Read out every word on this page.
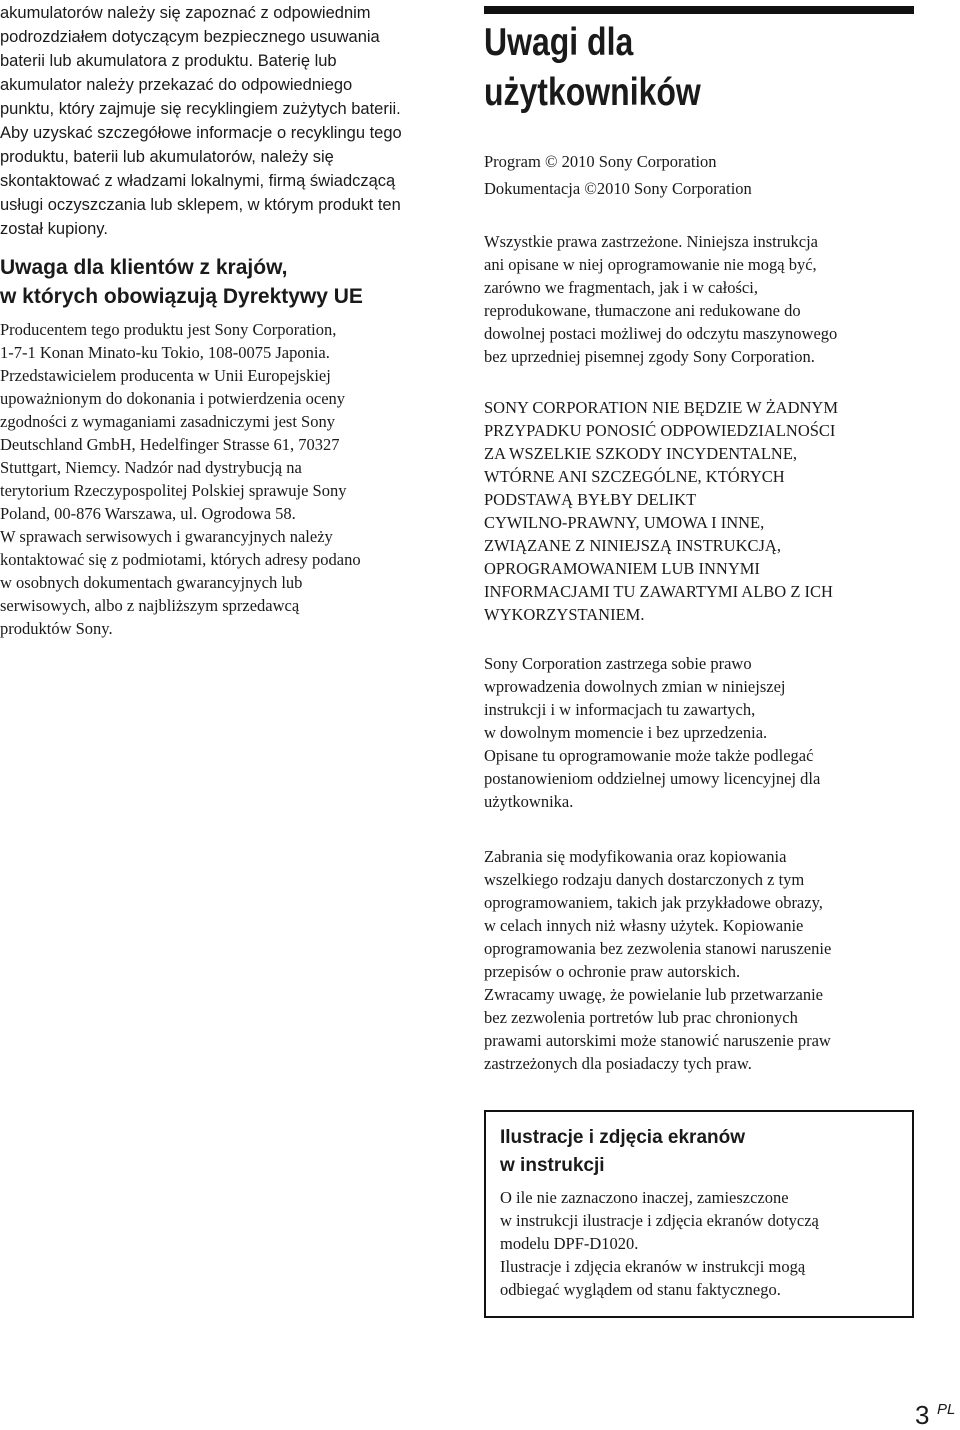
akumulatorów należy się zapoznać z odpowiednim

podrozdziałem dotyczącym bezpiecznego usuwania

baterii lub akumulatora z produktu. Baterię lub

akumulator należy przekazać do odpowiedniego

punktu, który zajmuje się recyklingiem zużytych baterii.

Aby uzyskać szczegółowe informacje o recyklingu tego

produktu, baterii lub akumulatorów, należy się

skontaktować z władzami lokalnymi, firmą świadczącą

usługi oczyszczania lub sklepem, w którym produkt ten

został kupiony.

Uwaga dla klientów z krajów,
w których obowiązują Dyrektywy UE

Producentem tego produktu jest Sony Corporation,

1-7-1 Konan Minato-ku Tokio, 108-0075 Japonia.

Przedstawicielem producenta w Unii Europejskiej

upoważnionym do dokonania i potwierdzenia oceny

zgodności z wymaganiami zasadniczymi jest Sony

Deutschland GmbH, Hedelfinger Strasse 61, 70327

Stuttgart, Niemcy. Nadzór nad dystrybucją na

terytorium Rzeczypospolitej Polskiej sprawuje Sony

Poland, 00-876 Warszawa, ul. Ogrodowa 58.

W sprawach serwisowych i gwarancyjnych należy

kontaktować się z podmiotami, których adresy podano

w osobnych dokumentach gwarancyjnych lub

serwisowych, albo z najbliższym sprzedawcą

produktów Sony.

Uwagi dla
użytkowników

Program © 2010 Sony Corporation

Dokumentacja ©2010 Sony Corporation

Wszystkie prawa zastrzeżone. Niniejsza instrukcja

ani opisane w niej oprogramowanie nie mogą być,

zarówno we fragmentach, jak i w całości,

reprodukowane, tłumaczone ani redukowane do

dowolnej postaci możliwej do odczytu maszynowego

bez uprzedniej pisemnej zgody Sony Corporation.

SONY CORPORATION NIE BĘDZIE W ŻADNYM

PRZYPADKU PONOSIĆ ODPOWIEDZIALNOŚCI

ZA WSZELKIE SZKODY INCYDENTALNE,

WTÓRNE ANI SZCZEGÓLNE, KTÓRYCH

PODSTAWĄ BYŁBY DELIKT

CYWILNO-PRAWNY, UMOWA I INNE,

ZWIĄZANE Z NINIEJSZĄ INSTRUKCJĄ,

OPROGRAMOWANIEM LUB INNYMI

INFORMACJAMI TU ZAWARTYMI ALBO Z ICH

WYKORZYSTANIEM.

Sony Corporation zastrzega sobie prawo

wprowadzenia dowolnych zmian w niniejszej

instrukcji i w informacjach tu zawartych,

w dowolnym momencie i bez uprzedzenia.

Opisane tu oprogramowanie może także podlegać

postanowieniom oddzielnej umowy licencyjnej dla

użytkownika.

Zabrania się modyfikowania oraz kopiowania

wszelkiego rodzaju danych dostarczonych z tym

oprogramowaniem, takich jak przykładowe obrazy,

w celach innych niż własny użytek. Kopiowanie

oprogramowania bez zezwolenia stanowi naruszenie

przepisów o ochronie praw autorskich.

Zwracamy uwagę, że powielanie lub przetwarzanie

bez zezwolenia portretów lub prac chronionych

prawami autorskimi może stanowić naruszenie praw

zastrzeżonych dla posiadaczy tych praw.

Ilustracje i zdjęcia ekranów
w instrukcji

O ile nie zaznaczono inaczej, zamieszczone

w instrukcji ilustracje i zdjęcia ekranów dotyczą

modelu DPF-D1020.

Ilustracje i zdjęcia ekranów w instrukcji mogą

odbiegać wyglądem od stanu faktycznego.

3 PL
